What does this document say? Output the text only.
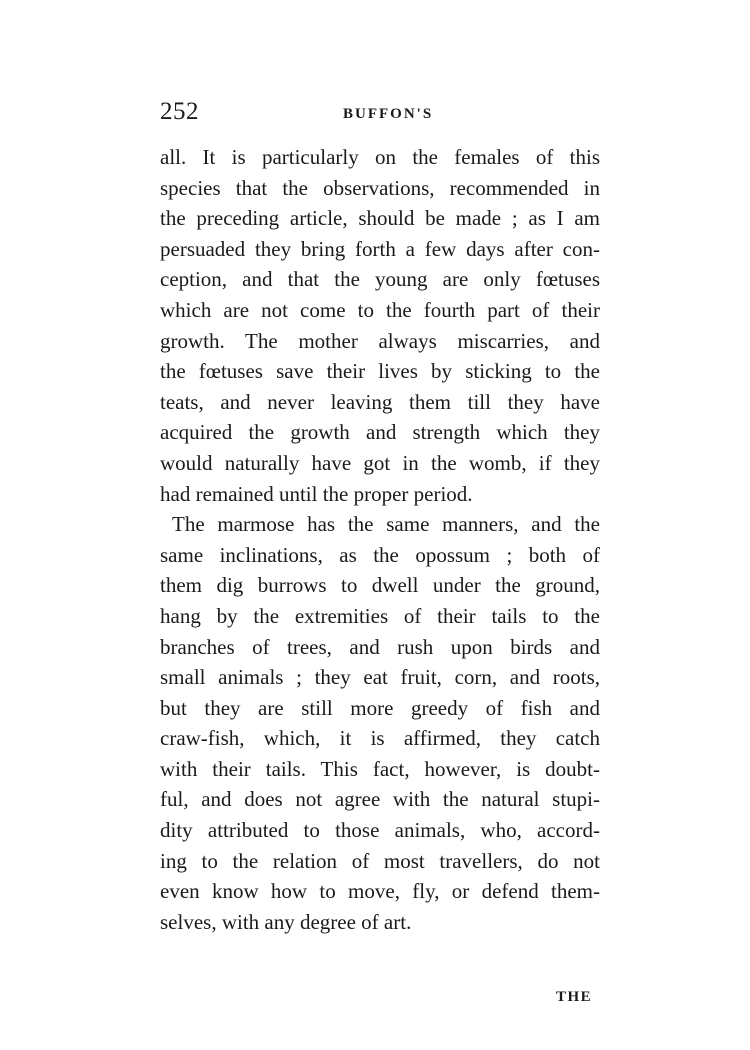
252	BUFFON'S
all. It is particularly on the females of this
species that the observations, recommended in
the preceding article, should be made ; as I am
persuaded they bring forth a few days after con-
ception, and that the young are only fœtuses
which are not come to the fourth part of their
growth. The mother always miscarries, and
the fœtuses save their lives by sticking to the
teats, and never leaving them till they have
acquired the growth and strength which they
would naturally have got in the womb, if they
had remained until the proper period.
The marmose has the same manners, and the
same inclinations, as the opossum ; both of
them dig burrows to dwell under the ground,
hang by the extremities of their tails to the
branches of trees, and rush upon birds and
small animals ; they eat fruit, corn, and roots,
but they are still more greedy of fish and
craw-fish, which, it is affirmed, they catch
with their tails. This fact, however, is doubt-
ful, and does not agree with the natural stupi-
dity attributed to those animals, who, accord-
ing to the relation of most travellers, do not
even know how to move, fly, or defend them-
selves, with any degree of art.
THE
